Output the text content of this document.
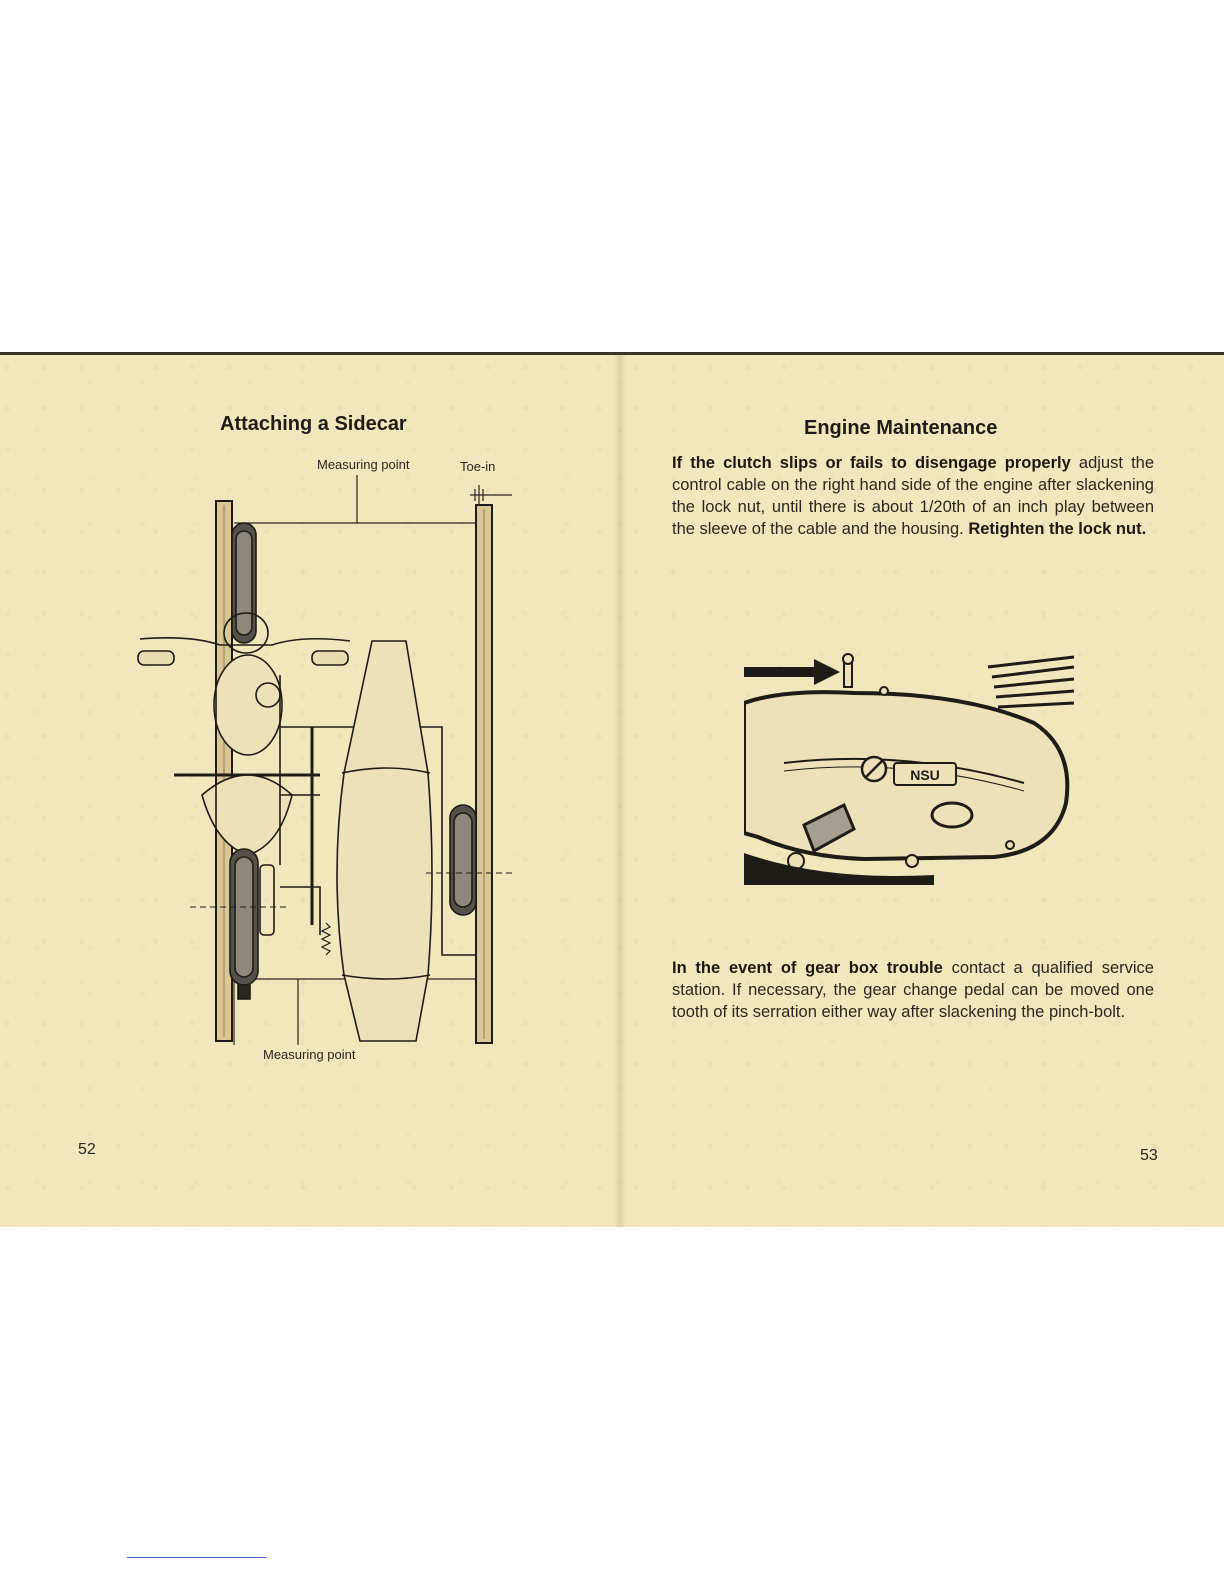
Attaching a Sidecar
Measuring point	Toe-in
Measuring point
52
Engine Maintenance
If the clutch slips or fails to disengage properly adjust the control cable on the right hand side of the engine after slackening the lock nut, until there is about 1/20th of an inch play between the sleeve of the cable and the housing. Retighten the lock nut.
NSU
In the event of gear box trouble contact a qualified service station. If necessary, the gear change pedal can be moved one tooth of its serration either way after slackening the pinch-bolt.
53
